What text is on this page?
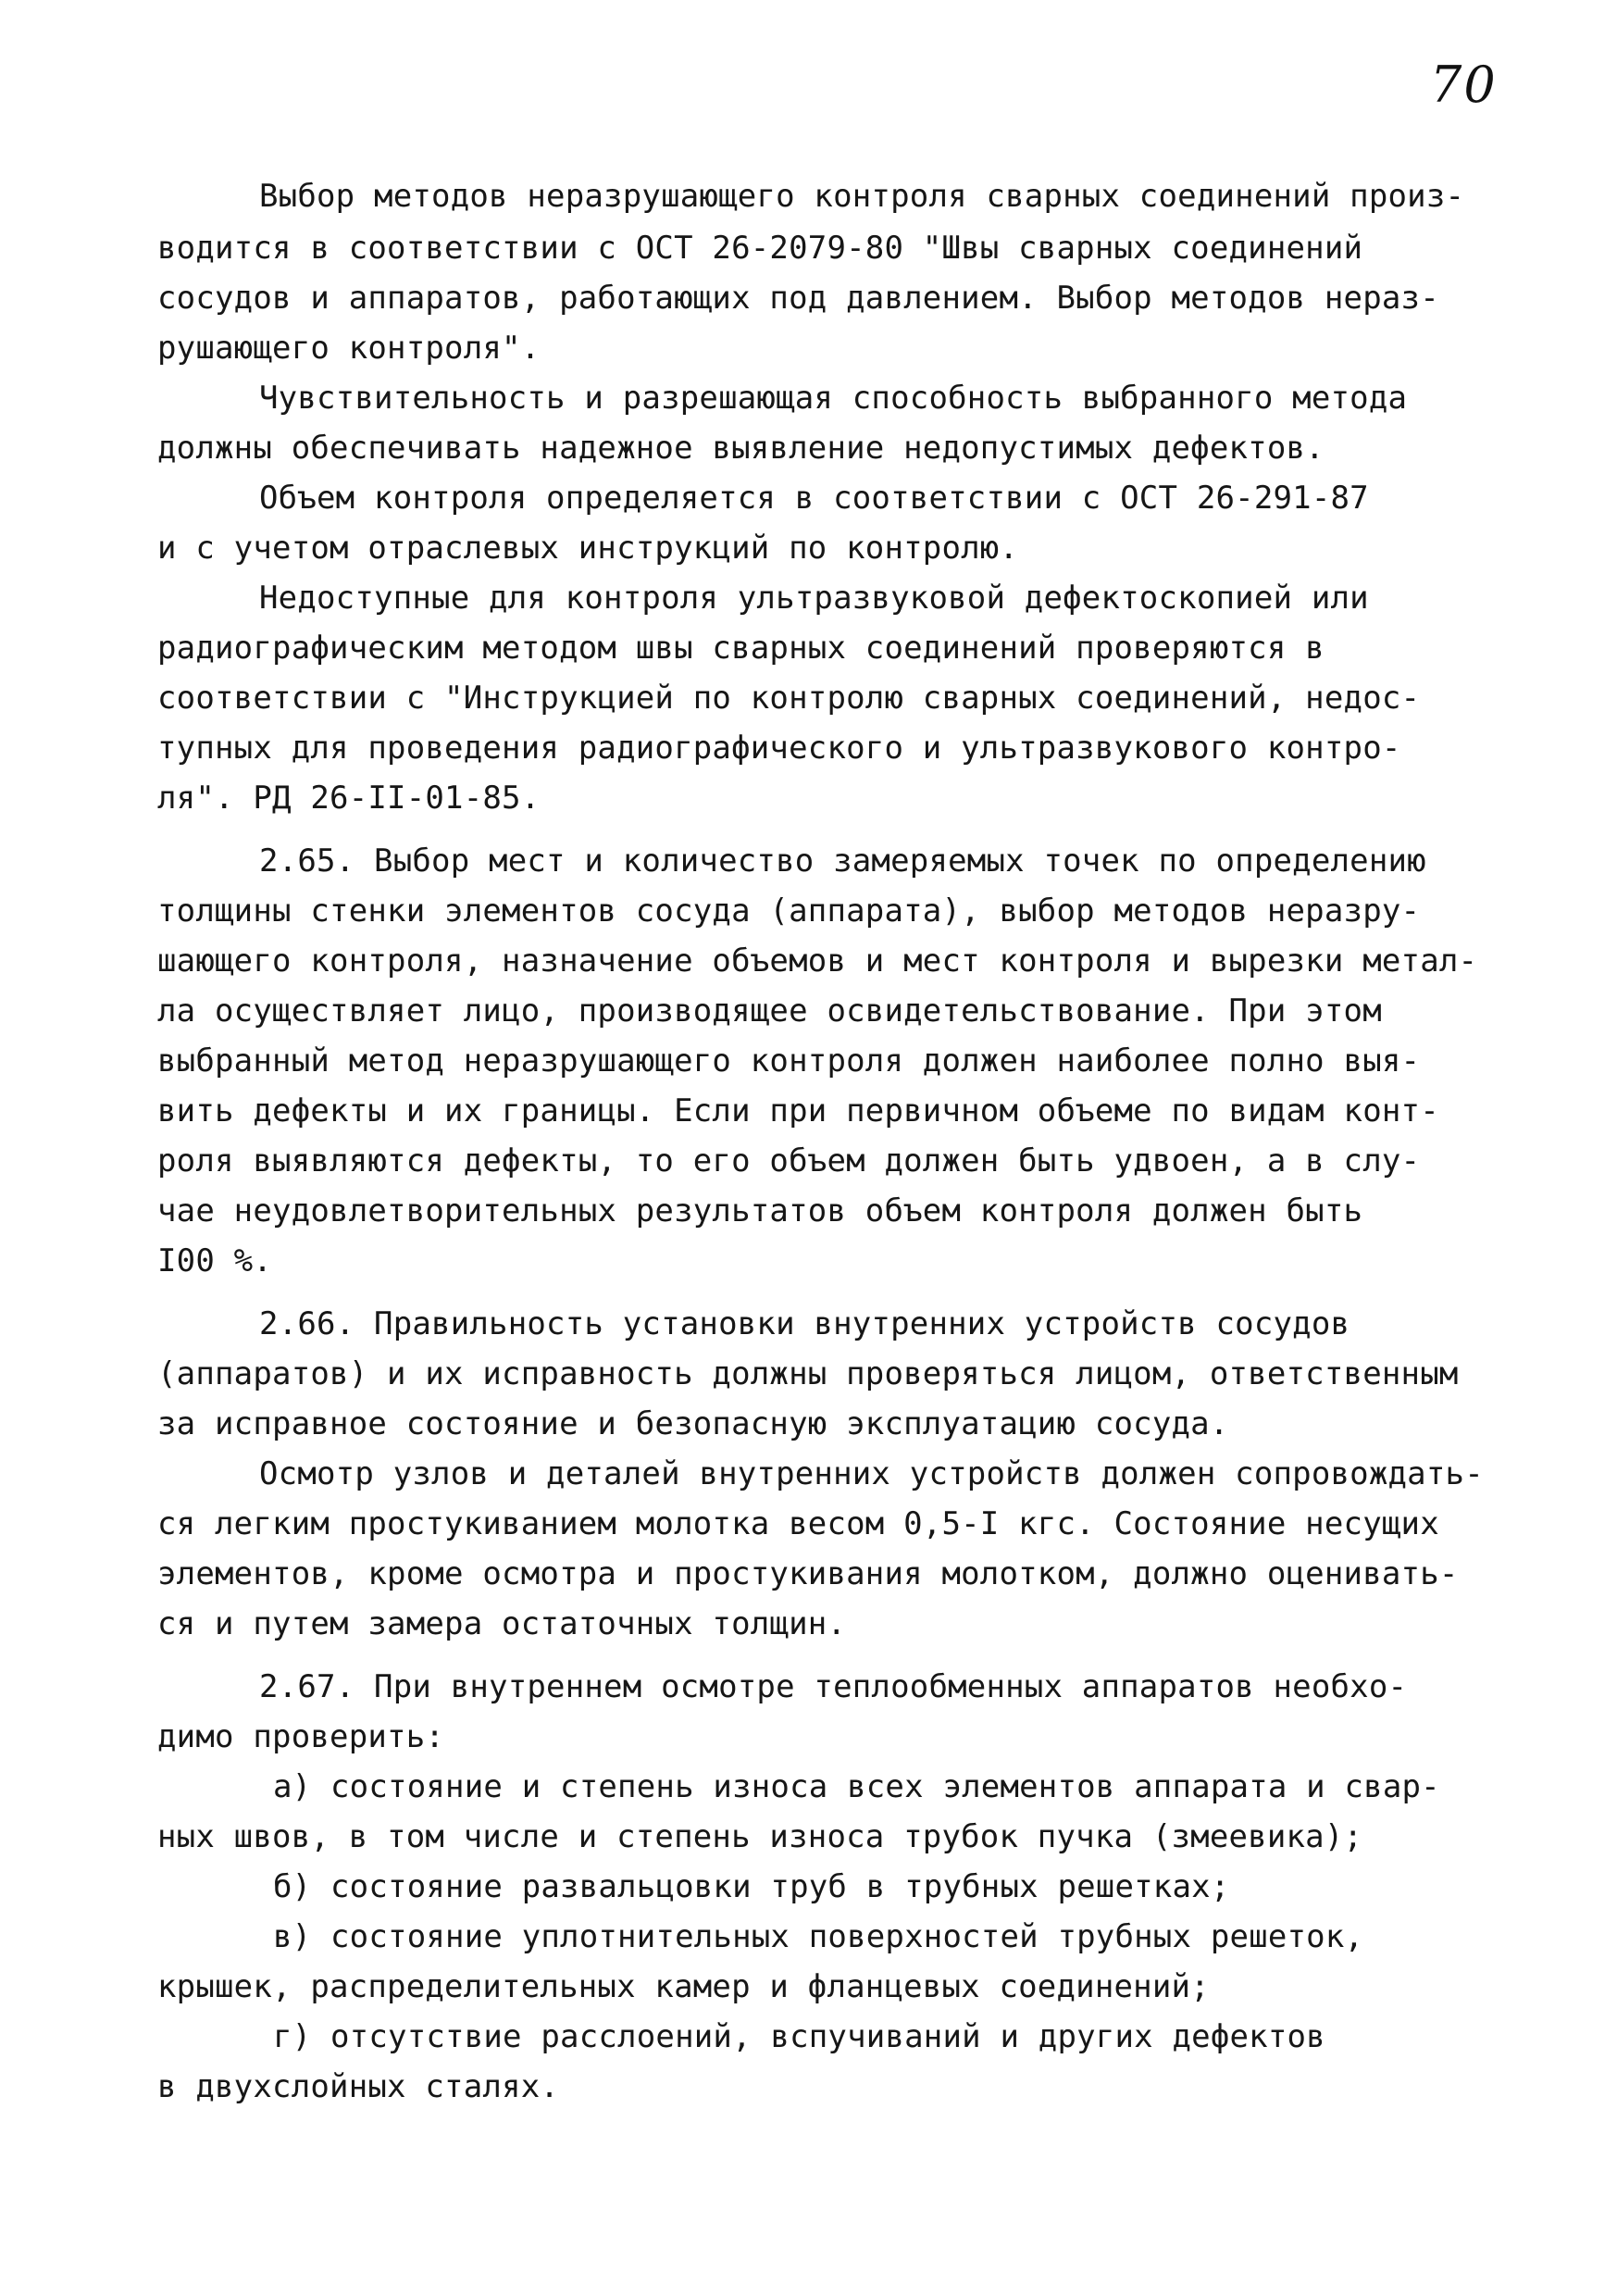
70
Выбор методов неразрушающего контроля сварных соединений произ-
водится в соответствии с ОСТ 26-2079-80 "Швы сварных соединений
сосудов и аппаратов, работающих под давлением. Выбор методов нераз-
рушающего контроля".
Чувствительность и разрешающая способность выбранного метода
должны обеспечивать надежное выявление недопустимых дефектов.
Объем контроля определяется в соответствии с ОСТ 26-291-87
и с учетом отраслевых инструкций по контролю.
Недоступные для контроля ультразвуковой дефектоскопией или
радиографическим методом швы сварных соединений проверяются в
соответствии с "Инструкцией по контролю сварных соединений, недос-
тупных для проведения радиографического и ультразвукового контро-
ля". РД 26-II-01-85.
2.65. Выбор мест и количество замеряемых точек по определению
толщины стенки элементов сосуда (аппарата), выбор методов неразру-
шающего контроля, назначение объемов и мест контроля и вырезки метал-
ла осуществляет лицо, производящее освидетельствование. При этом
выбранный метод неразрушающего контроля должен наиболее полно выя-
вить дефекты и их границы. Если при первичном объеме по видам конт-
роля выявляются дефекты, то его объем должен быть удвоен, а в слу-
чае неудовлетворительных результатов объем контроля должен быть
I00 %.
2.66. Правильность установки внутренних устройств сосудов
(аппаратов) и их исправность должны проверяться лицом, ответственным
за исправное состояние и безопасную эксплуатацию сосуда.
Осмотр узлов и деталей внутренних устройств должен сопровождать-
ся легким простукиванием молотка весом 0,5-I кгс. Состояние несущих
элементов, кроме осмотра и простукивания молотком, должно оценивать-
ся и путем замера остаточных толщин.
2.67. При внутреннем осмотре теплообменных аппаратов необхо-
димо проверить:
а) состояние и степень износа всех элементов аппарата и свар-
ных швов, в том числе и степень износа трубок пучка (змеевика);
б) состояние развальцовки труб в трубных решетках;
в) состояние уплотнительных поверхностей трубных решеток,
крышек, распределительных камер и фланцевых соединений;
г) отсутствие расслоений, вспучиваний и других дефектов
в двухслойных сталях.
